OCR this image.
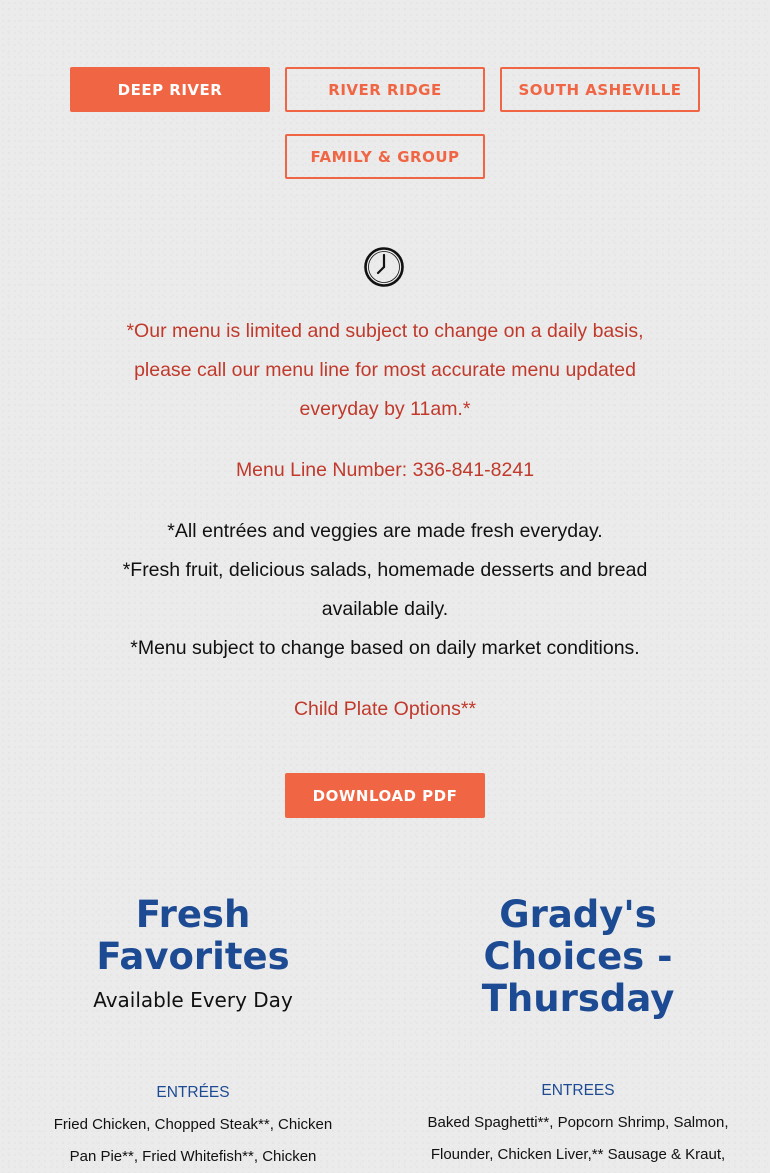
DEEP RIVER	RIVER RIDGE	SOUTH ASHEVILLE
FAMILY & GROUP
*Our menu is limited and subject to change on a daily basis, please call our menu line for most accurate menu updated everyday by 11am.*
Menu Line Number: 336-841-8241
*All entrées and veggies are made fresh everyday.
*Fresh fruit, delicious salads, homemade desserts and bread available daily.
*Menu subject to change based on daily market conditions.
Child Plate Options**
DOWNLOAD PDF
Fresh Favorites
Available Every Day
ENTRÉES
Fried Chicken, Chopped Steak**, Chicken Pan Pie**, Fried Whitefish**, Chicken
Grady's Choices - Thursday
ENTREES
Baked Spaghetti**, Popcorn Shrimp, Salmon, Flounder, Chicken Liver,** Sausage & Kraut,
